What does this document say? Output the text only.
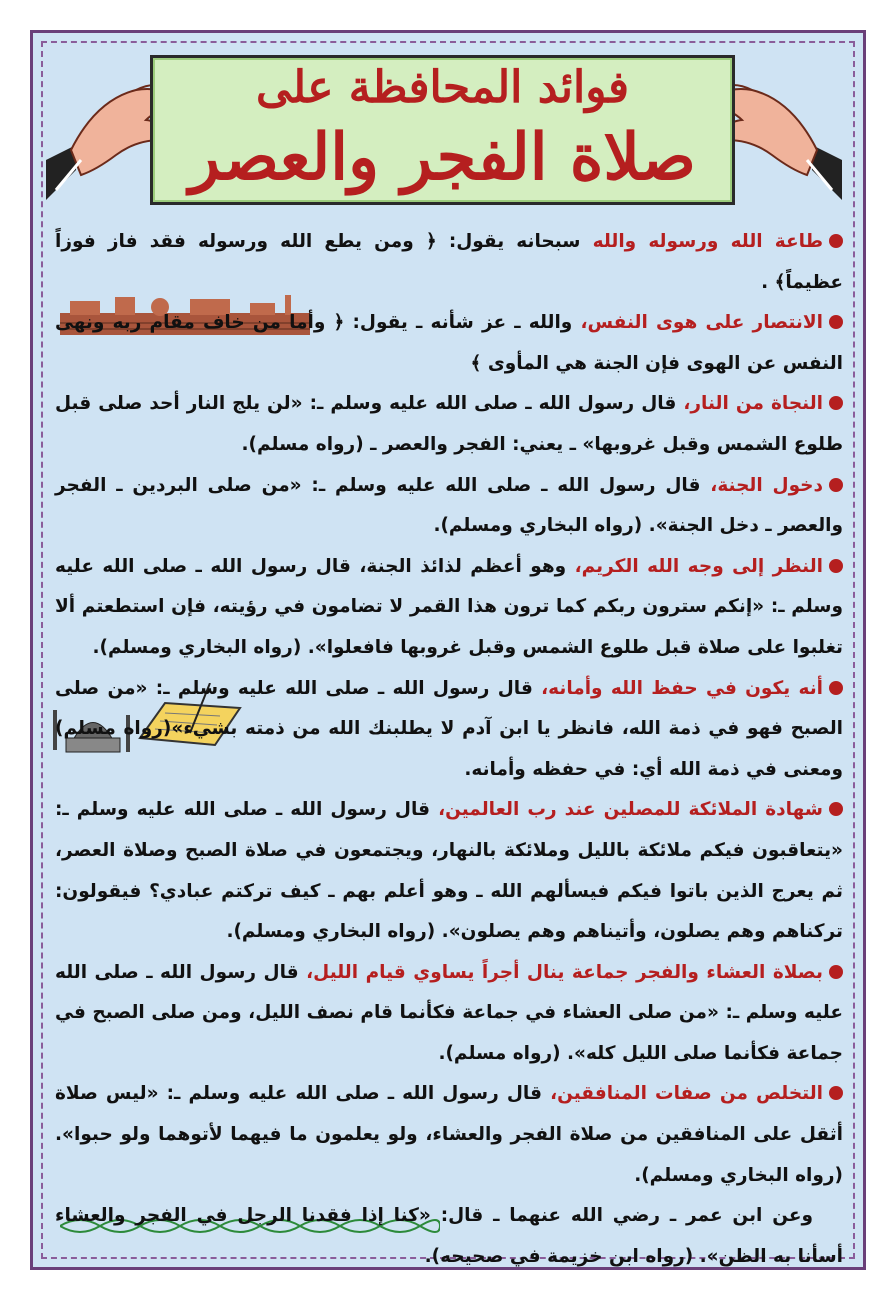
فوائد المحافظة على
صلاة الفجر والعصر

طاعة الله ورسوله والله سبحانه يقول: ﴿ ومن يطع الله ورسوله فقد فاز فوزاً عظيماً﴾ .

الانتصار على هوى النفس، والله ـ عز شأنه ـ يقول: ﴿ وأما من خاف مقام ربه ونهى النفس عن الهوى فإن الجنة هي المأوى ﴾

النجاة من النار، قال رسول الله ـ صلى الله عليه وسلم ـ: «لن يلج النار أحد صلى قبل طلوع الشمس وقبل غروبها» ـ يعني: الفجر والعصر ـ (رواه مسلم).

دخول الجنة، قال رسول الله ـ صلى الله عليه وسلم ـ: «من صلى البردين ـ الفجر والعصر ـ دخل الجنة». (رواه البخاري ومسلم).

النظر إلى وجه الله الكريم، وهو أعظم لذائذ الجنة، قال رسول الله ـ صلى الله عليه وسلم ـ: «إنكم سترون ربكم كما ترون هذا القمر لا تضامون في رؤيته، فإن استطعتم ألا تغلبوا على صلاة قبل طلوع الشمس وقبل غروبها فافعلوا». (رواه البخاري ومسلم).

أنه يكون في حفظ الله وأمانه، قال رسول الله ـ صلى الله عليه وسلم ـ: «من صلى الصبح فهو في ذمة الله، فانظر يا ابن آدم لا يطلبنك الله من ذمته بشيء»(رواه مسلم) ومعنى في ذمة الله أي: في حفظه وأمانه.

شهادة الملائكة للمصلين عند رب العالمين، قال رسول الله ـ صلى الله عليه وسلم ـ: «يتعاقبون فيكم ملائكة بالليل وملائكة بالنهار، ويجتمعون في صلاة الصبح وصلاة العصر، ثم يعرج الذين باتوا فيكم فيسألهم الله ـ وهو أعلم بهم ـ كيف تركتم عبادي؟ فيقولون: تركناهم وهم يصلون، وأتيناهم وهم يصلون». (رواه البخاري ومسلم).

بصلاة العشاء والفجر جماعة ينال أجراً يساوي قيام الليل، قال رسول الله ـ صلى الله عليه وسلم ـ: «من صلى العشاء في جماعة فكأنما قام نصف الليل، ومن صلى الصبح في جماعة فكأنما صلى الليل كله». (رواه مسلم).

التخلص من صفات المنافقين، قال رسول الله ـ صلى الله عليه وسلم ـ: «ليس صلاة أثقل على المنافقين من صلاة الفجر والعشاء، ولو يعلمون ما فيهما لأتوهما ولو حبوا». (رواه البخاري ومسلم).

وعن ابن عمر ـ رضي الله عنهما ـ قال: «كنا إذا فقدنا الرجل في الفجر والعشاء أسأنا به الظن». (رواه ابن خزيمة في صحيحه).
